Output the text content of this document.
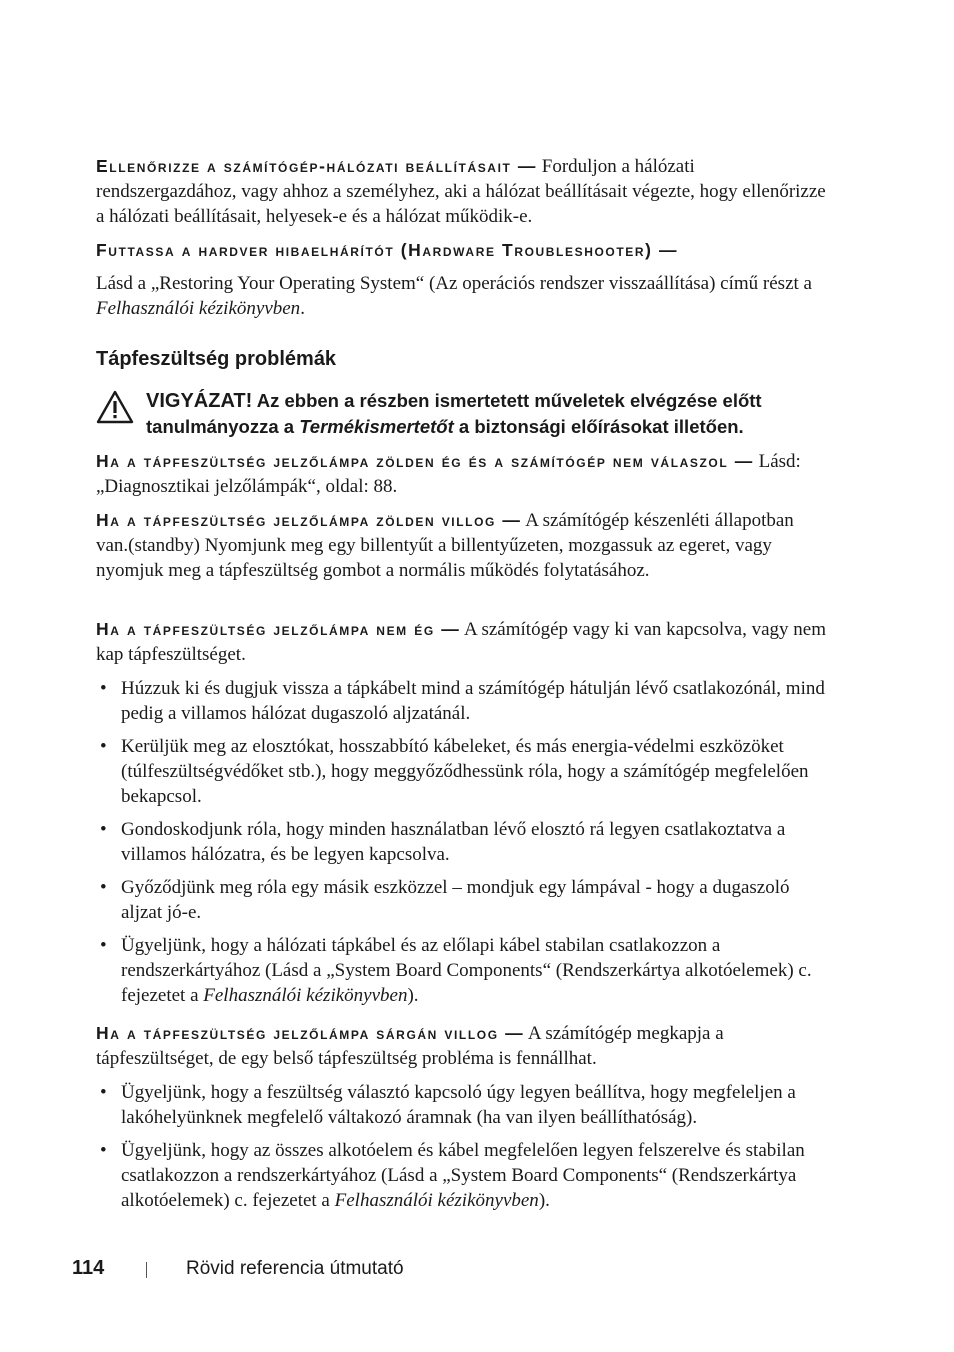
Ellenőrizze a számítógép-hálózati beállításait — Forduljon a hálózati rendszergazdához, vagy ahhoz a személyhez, aki a hálózat beállításait végezte, hogy ellenőrizze a hálózati beállításait, helyesek-e és a hálózat működik-e.

Futtassa a hardver hibaelhárítót (Hardware Troubleshooter) —

Lásd a „Restoring Your Operating System“ (Az operációs rendszer visszaállítása) című részt a Felhasználói kézikönyvben.

Tápfeszültség problémák
VIGYÁZAT! Az ebben a részben ismertetett műveletek elvégzése előtt tanulmányozza a Termékismertetőt a biztonsági előírásokat illetően.

Ha a tápfeszültség jelzőlámpa zölden ég és a számítógép nem válaszol — Lásd: „Diagnosztikai jelzőlámpák“, oldal: 88.

Ha a tápfeszültség jelzőlámpa zölden villog — A számítógép készenléti állapotban van.(standby) Nyomjunk meg egy billentyűt a billentyűzeten, mozgassuk az egeret, vagy nyomjuk meg a tápfeszültség gombot a normális működés folytatásához.

Ha a tápfeszültség jelzőlámpa nem ég — A számítógép vagy ki van kapcsolva, vagy nem kap tápfeszültséget.

• Húzzuk ki és dugjuk vissza a tápkábelt mind a számítógép hátulján lévő csatlakozónál, mind pedig a villamos hálózat dugaszoló aljzatánál.
• Kerüljük meg az elosztókat, hosszabbító kábeleket, és más energia-védelmi eszközöket (túlfeszültségvédőket stb.), hogy meggyőződhessünk róla, hogy a számítógép megfelelően bekapcsol.
• Gondoskodjunk róla, hogy minden használatban lévő elosztó rá legyen csatlakoztatva a villamos hálózatra, és be legyen kapcsolva.
• Győződjünk meg róla egy másik eszközzel – mondjuk egy lámpával - hogy a dugaszoló aljzat jó-e.
• Ügyeljünk, hogy a hálózati tápkábel és az előlapi kábel stabilan csatlakozzon a rendszerkártyához (Lásd a „System Board Components“ (Rendszerkártya alkotóelemek) c. fejezetet a Felhasználói kézikönyvben).

Ha a tápfeszültség jelzőlámpa sárgán villog — A számítógép megkapja a tápfeszültséget, de egy belső tápfeszültség probléma is fennállhat.

• Ügyeljünk, hogy a feszültség választó kapcsoló úgy legyen beállítva, hogy megfeleljen a lakóhelyünknek megfelelő váltakozó áramnak (ha van ilyen beállíthatóság).
• Ügyeljünk, hogy az összes alkotóelem és kábel megfelelően legyen felszerelve és stabilan csatlakozzon a rendszerkártyához (Lásd a „System Board Components“ (Rendszerkártya alkotóelemek) c. fejezetet a Felhasználói kézikönyvben).
114	Rövid referencia útmutató
